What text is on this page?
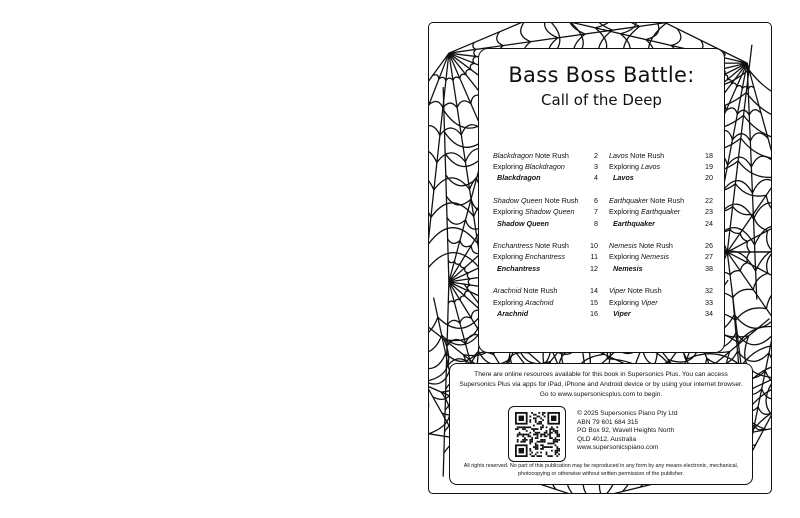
Bass Boss Battle:
Call of the Deep
Blackdragon Note Rush	2
Exploring Blackdragon	3
Blackdragon	4
Shadow Queen Note Rush 6
Exploring Shadow Queen	7
Shadow Queen	8
Enchantress Note Rush	10
Exploring Enchantress	11
Enchantress	12
Arachnid Note Rush	14
Exploring Arachnid	15
Arachnid	16
Lavos Note Rush	18
Exploring Lavos	19
Lavos	20
Earthquaker Note Rush	22
Exploring Earthquaker	23
Earthquaker	24
Nemesis Note Rush	26
Exploring Nemesis	27
Nemesis	38
Viper Note Rush	32
Exploring Viper	33
Viper	34
There are online resources available for this book in Supersonics Plus. You can access Supersonics Plus via apps for iPad, iPhone and Android device or by using your internet browser. Go to www.supersonicsplus.com to begin.
© 2025 Supersonics Piano Pty Ltd
ABN 79 601 684 315
PO Box 92, Wavell Heights North
QLD 4012, Australia
www.supersonicspiano.com
All rights reserved. No part of this publication may be reproduced in any form by any means electronic, mechanical, photocopying or otherwise without written permission of the publisher.
